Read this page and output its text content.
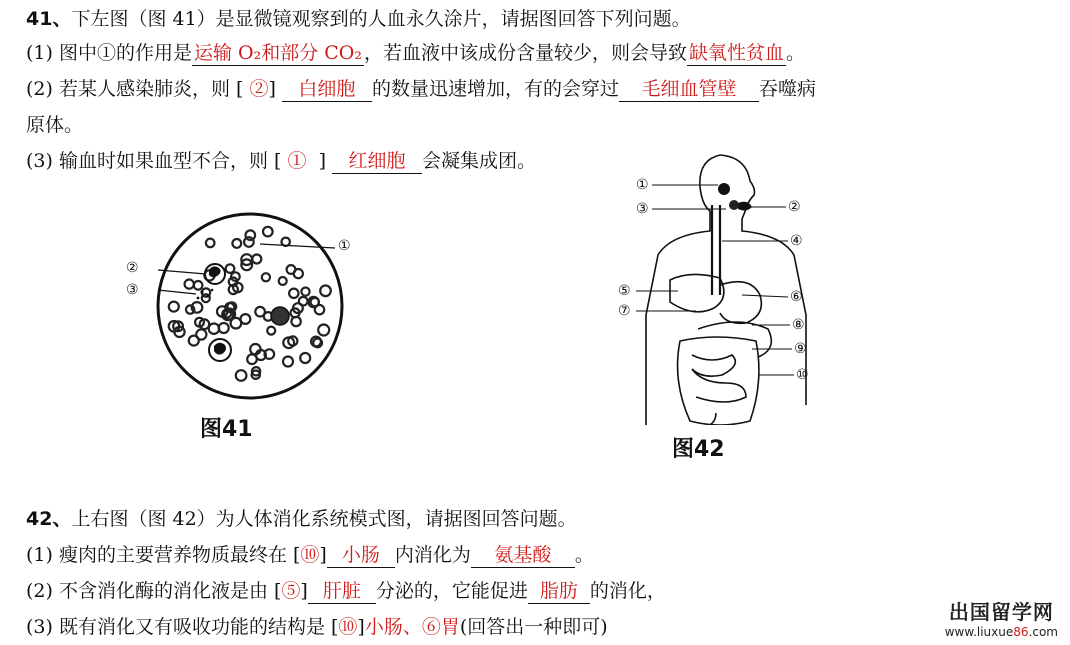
41、下左图（图 41）是显微镜观察到的人血永久涂片，请据图回答下列问题。
(1) 图中①的作用是 运输 O₂和部分 CO₂ ，若血液中该成份含量较少，则会导致 缺氧性贫血 。
(2) 若某人感染肺炎，则 [ ②] 白细胞 的数量迅速增加，有的会穿过 毛细血管壁 吞噬病
原体。
(3) 输血时如果血型不合，则 [ ① ] 红细胞 会凝集成团。
①
②
③
图41
①
③	②
④
⑤
⑦
⑥
⑧
⑨
⑩
图42
42、上右图（图 42）为人体消化系统模式图，请据图回答问题。
(1) 瘦肉的主要营养物质最终在 [⑩] 小肠 内消化为 氨基酸 。
(2) 不含消化酶的消化液是由 [⑤] 肝脏 分泌的，它能促进 脂肪 的消化，
(3) 既有消化又有吸收功能的结构是 [⑩]小肠、⑥胃(回答出一种即可)
出国留学网
www.liuxue86.com
